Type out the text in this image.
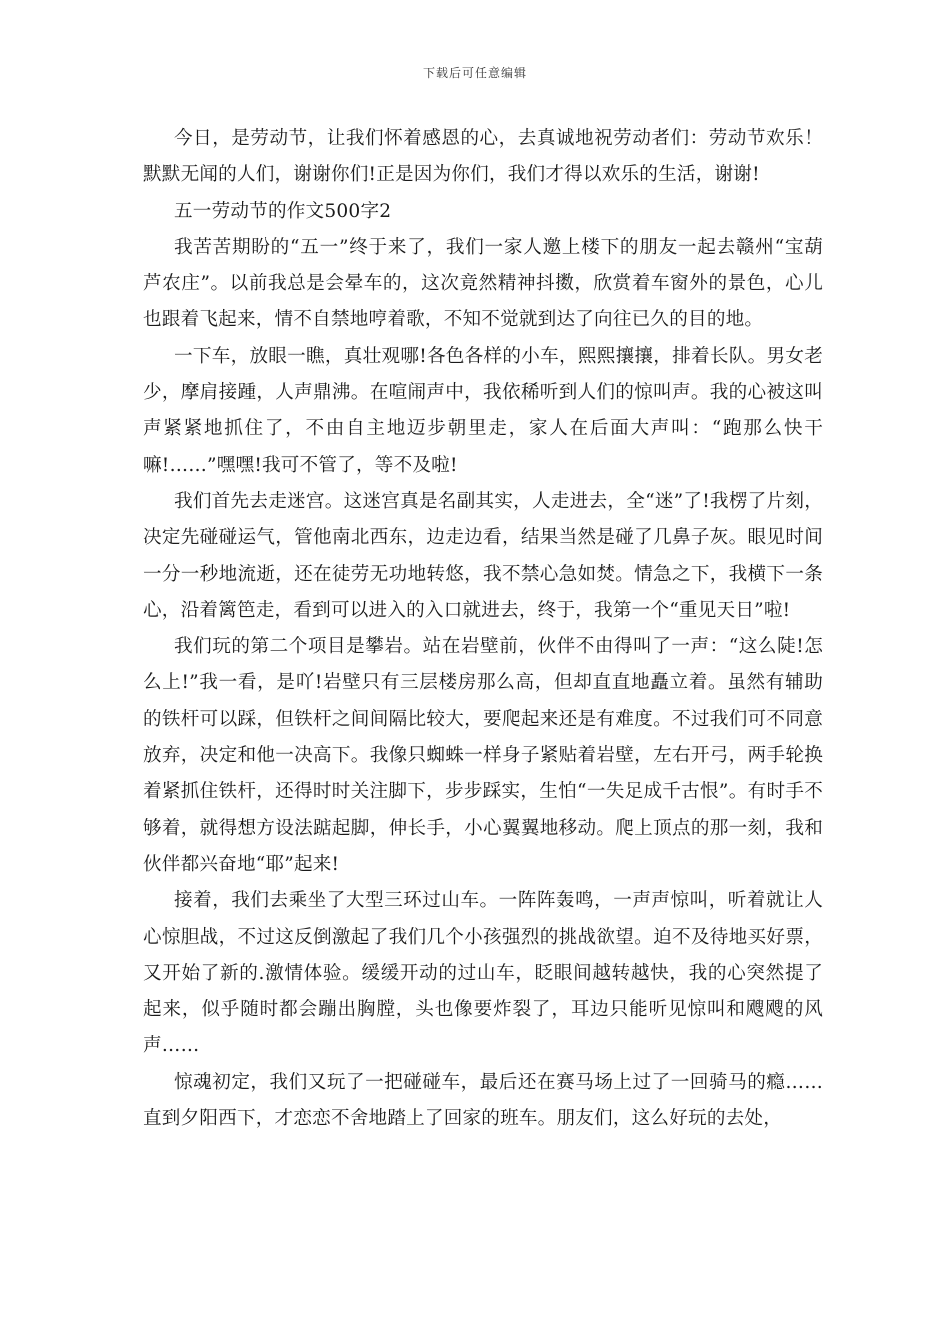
下载后可任意编辑

今日，是劳动节，让我们怀着感恩的心，去真诚地祝劳动者们：劳动节欢乐！默默无闻的人们，谢谢你们!正是因为你们，我们才得以欢乐的生活，谢谢!

五一劳动节的作文500字2

我苦苦期盼的“五一”终于来了，我们一家人邀上楼下的朋友一起去赣州“宝葫芦农庄”。以前我总是会晕车的，这次竟然精神抖擞，欣赏着车窗外的景色，心儿也跟着飞起来，情不自禁地哼着歌，不知不觉就到达了向往已久的目的地。

一下车，放眼一瞧，真壮观哪!各色各样的小车，熙熙攘攘，排着长队。男女老少，摩肩接踵，人声鼎沸。在喧闹声中，我依稀听到人们的惊叫声。我的心被这叫声紧紧地抓住了，不由自主地迈步朝里走，家人在后面大声叫：“跑那么快干嘛!……”嘿嘿!我可不管了，等不及啦!

我们首先去走迷宫。这迷宫真是名副其实，人走进去，全“迷”了!我楞了片刻，决定先碰碰运气，管他南北西东，边走边看，结果当然是碰了几鼻子灰。眼见时间一分一秒地流逝，还在徒劳无功地转悠，我不禁心急如焚。情急之下，我横下一条心，沿着篱笆走，看到可以进入的入口就进去，终于，我第一个“重见天日”啦!

我们玩的第二个项目是攀岩。站在岩壁前，伙伴不由得叫了一声：“这么陡!怎么上!”我一看，是吖!岩壁只有三层楼房那么高，但却直直地矗立着。虽然有辅助的铁杆可以踩，但铁杆之间间隔比较大，要爬起来还是有难度。不过我们可不同意放弃，决定和他一决高下。我像只蜘蛛一样身子紧贴着岩壁，左右开弓，两手轮换着紧抓住铁杆，还得时时关注脚下，步步踩实，生怕“一失足成千古恨”。有时手不够着，就得想方设法踮起脚，伸长手，小心翼翼地移动。爬上顶点的那一刻，我和伙伴都兴奋地“耶”起来!

接着，我们去乘坐了大型三环过山车。一阵阵轰鸣，一声声惊叫，听着就让人心惊胆战，不过这反倒激起了我们几个小孩强烈的挑战欲望。迫不及待地买好票，又开始了新的.激情体验。缓缓开动的过山车，眨眼间越转越快，我的心突然提了起来，似乎随时都会蹦出胸膛，头也像要炸裂了，耳边只能听见惊叫和飕飕的风声……

惊魂初定，我们又玩了一把碰碰车，最后还在赛马场上过了一回骑马的瘾……直到夕阳西下，才恋恋不舍地踏上了回家的班车。朋友们，这么好玩的去处，
